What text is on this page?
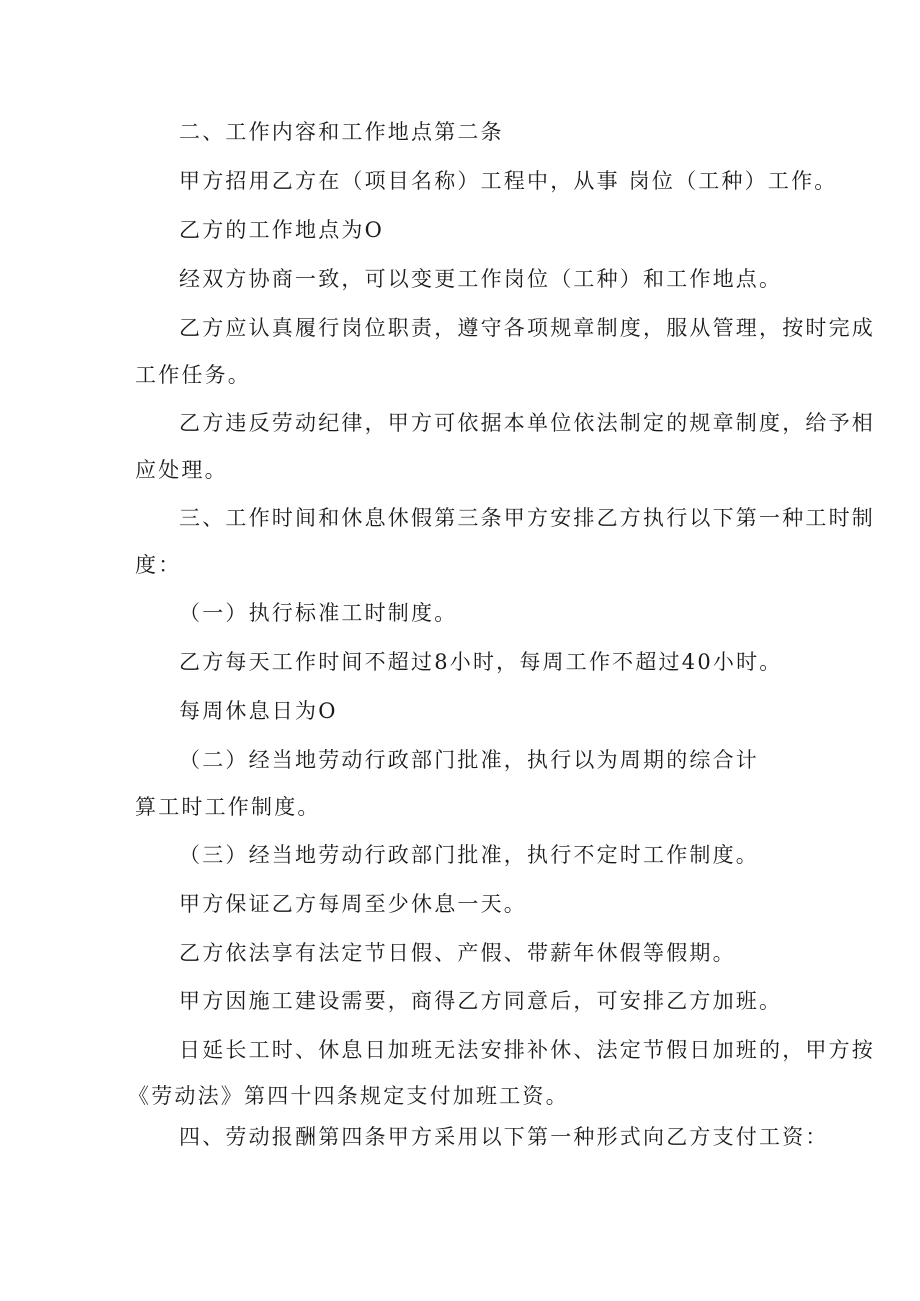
二、工作内容和工作地点第二条

甲方招用乙方在（项目名称）工程中，从事 岗位（工种）工作。

乙方的工作地点为O

经双方协商一致，可以变更工作岗位（工种）和工作地点。

乙方应认真履行岗位职责，遵守各项规章制度，服从管理，按时完成

工作任务。

乙方违反劳动纪律，甲方可依据本单位依法制定的规章制度，给予相

应处理。

三、工作时间和休息休假第三条甲方安排乙方执行以下第一种工时制

度：

（一）执行标准工时制度。

乙方每天工作时间不超过8小时，每周工作不超过40小时。

每周休息日为O

（二）经当地劳动行政部门批准，执行以为周期的综合计

算工时工作制度。

（三）经当地劳动行政部门批准，执行不定时工作制度。

甲方保证乙方每周至少休息一天。

乙方依法享有法定节日假、产假、带薪年休假等假期。

甲方因施工建设需要，商得乙方同意后，可安排乙方加班。

日延长工时、休息日加班无法安排补休、法定节假日加班的，甲方按

《劳动法》第四十四条规定支付加班工资。

四、劳动报酬第四条甲方采用以下第一种形式向乙方支付工资：
